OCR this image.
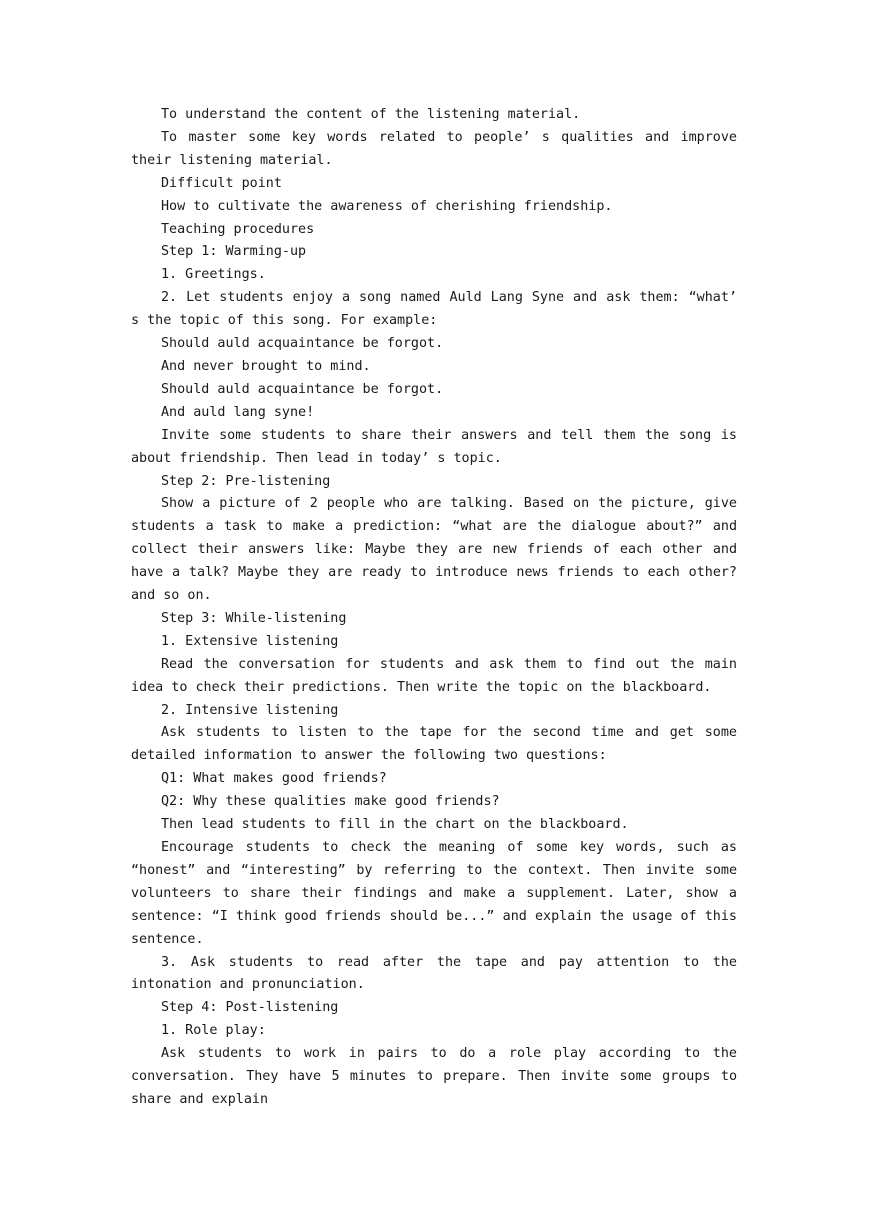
To understand the content of the listening material.

To master some key words related to people’ s qualities and improve their listening material.

Difficult point

How to cultivate the awareness of cherishing friendship.

Teaching procedures

Step 1: Warming-up

1. Greetings.

2. Let students enjoy a song named Auld Lang Syne and ask them: “what’ s the topic of this song. For example:

Should auld acquaintance be forgot.

And never brought to mind.

Should auld acquaintance be forgot.

And auld lang syne!

Invite some students to share their answers and tell them the song is about friendship. Then lead in today’ s topic.

Step 2: Pre-listening

Show a picture of 2 people who are talking. Based on the picture, give students a task to make a prediction: “what are the dialogue about?” and collect their answers like: Maybe they are new friends of each other and have a talk? Maybe they are ready to introduce news friends to each other? and so on.

Step 3: While-listening

1. Extensive listening

Read the conversation for students and ask them to find out the main idea to check their predictions. Then write the topic on the blackboard.

2. Intensive listening

Ask students to listen to the tape for the second time and get some detailed information to answer the following two questions:

Q1: What makes good friends?

Q2: Why these qualities make good friends?

Then lead students to fill in the chart on the blackboard.

Encourage students to check the meaning of some key words, such as “honest” and “interesting” by referring to the context. Then invite some volunteers to share their findings and make a supplement. Later, show a sentence: “I think good friends should be...” and explain the usage of this sentence.

3. Ask students to read after the tape and pay attention to the intonation and pronunciation.

Step 4: Post-listening

1. Role play:

Ask students to work in pairs to do a role play according to the conversation. They have 5 minutes to prepare. Then invite some groups to share and explain
